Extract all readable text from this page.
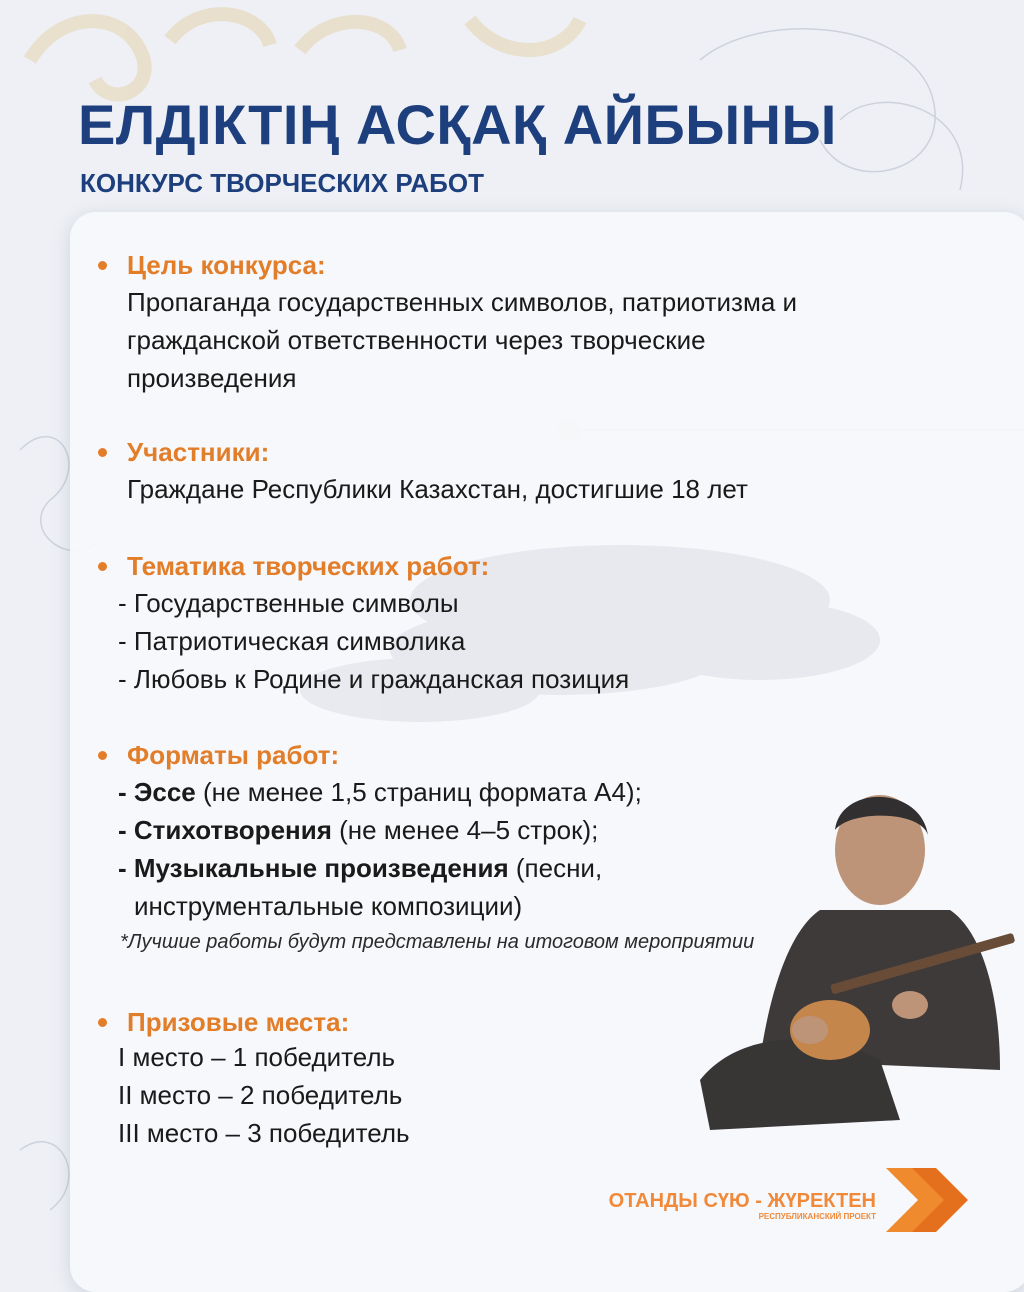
ЕЛДІКТІҢ АСҚАҚ АЙБЫНЫ
КОНКУРС ТВОРЧЕСКИХ РАБОТ
Цель конкурса:
Пропаганда государственных символов, патриотизма и
гражданской ответственности через творческие
произведения
Участники:
Граждане Республики Казахстан, достигшие 18 лет
Тематика творческих работ:
- Государственные символы
- Патриотическая символика
- Любовь к Родине и гражданская позиция
Форматы работ:
- Эссе (не менее 1,5 страниц формата А4);
- Стихотворения (не менее 4–5 строк);
- Музыкальные произведения (песни,
инструментальные композиции)
*Лучшие работы будут представлены на итоговом мероприятии
Призовые места:
I место – 1 победитель
II место – 2 победитель
III место – 3 победитель
ОТАНДЫ СҮЮ - ЖҮРЕКТЕН
РЕСПУБЛИКАНСКИЙ ПРОЕКТ
